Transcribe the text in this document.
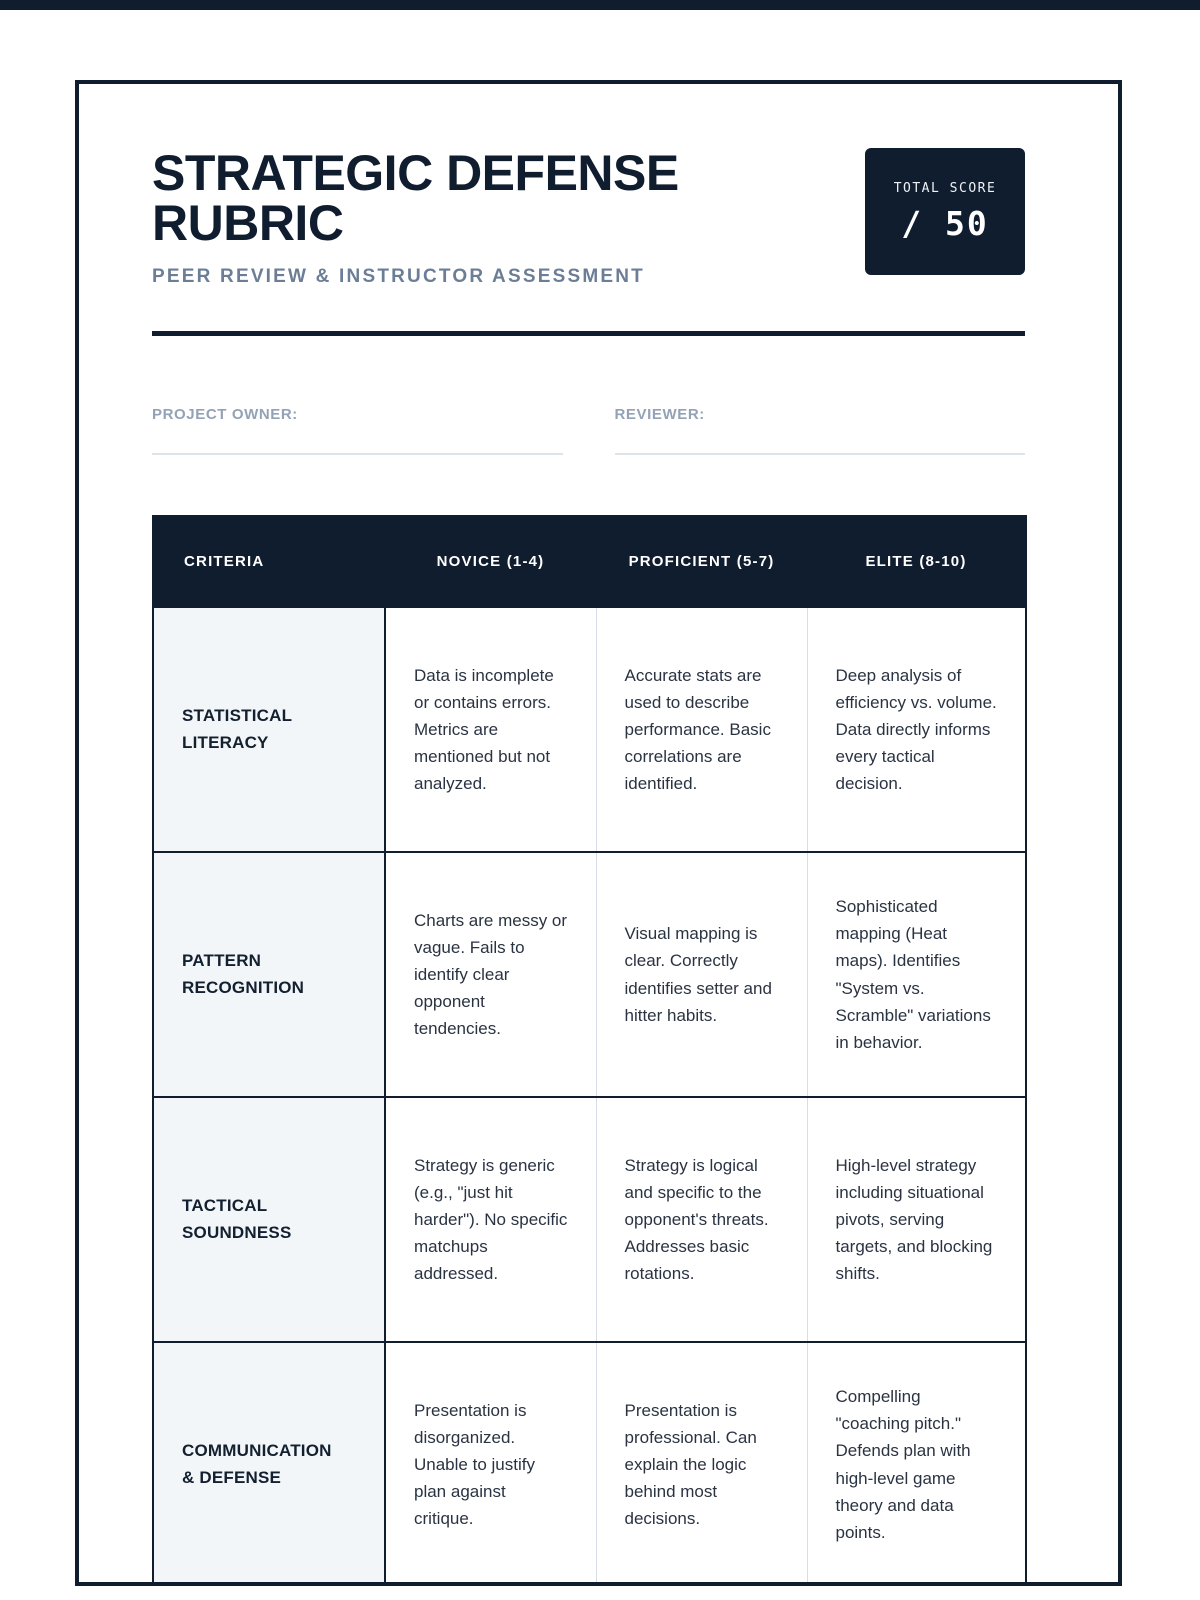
STRATEGIC DEFENSE RUBRIC
PEER REVIEW & INSTRUCTOR ASSESSMENT
TOTAL SCORE
/ 50
PROJECT OWNER:	REVIEWER:
CRITERIA	NOVICE (1-4)	PROFICIENT (5-7)	ELITE (8-10)
STATISTICAL LITERACY	Data is incomplete or contains errors. Metrics are mentioned but not analyzed.	Accurate stats are used to describe performance. Basic correlations are identified.	Deep analysis of efficiency vs. volume. Data directly informs every tactical decision.
PATTERN RECOGNITION	Charts are messy or vague. Fails to identify clear opponent tendencies.	Visual mapping is clear. Correctly identifies setter and hitter habits.	Sophisticated mapping (Heat maps). Identifies "System vs. Scramble" variations in behavior.
TACTICAL SOUNDNESS	Strategy is generic (e.g., "just hit harder"). No specific matchups addressed.	Strategy is logical and specific to the opponent's threats. Addresses basic rotations.	High-level strategy including situational pivots, serving targets, and blocking shifts.
COMMUNICATION & DEFENSE	Presentation is disorganized. Unable to justify plan against critique.	Presentation is professional. Can explain the logic behind most decisions.	Compelling "coaching pitch." Defends plan with high-level game theory and data points.
